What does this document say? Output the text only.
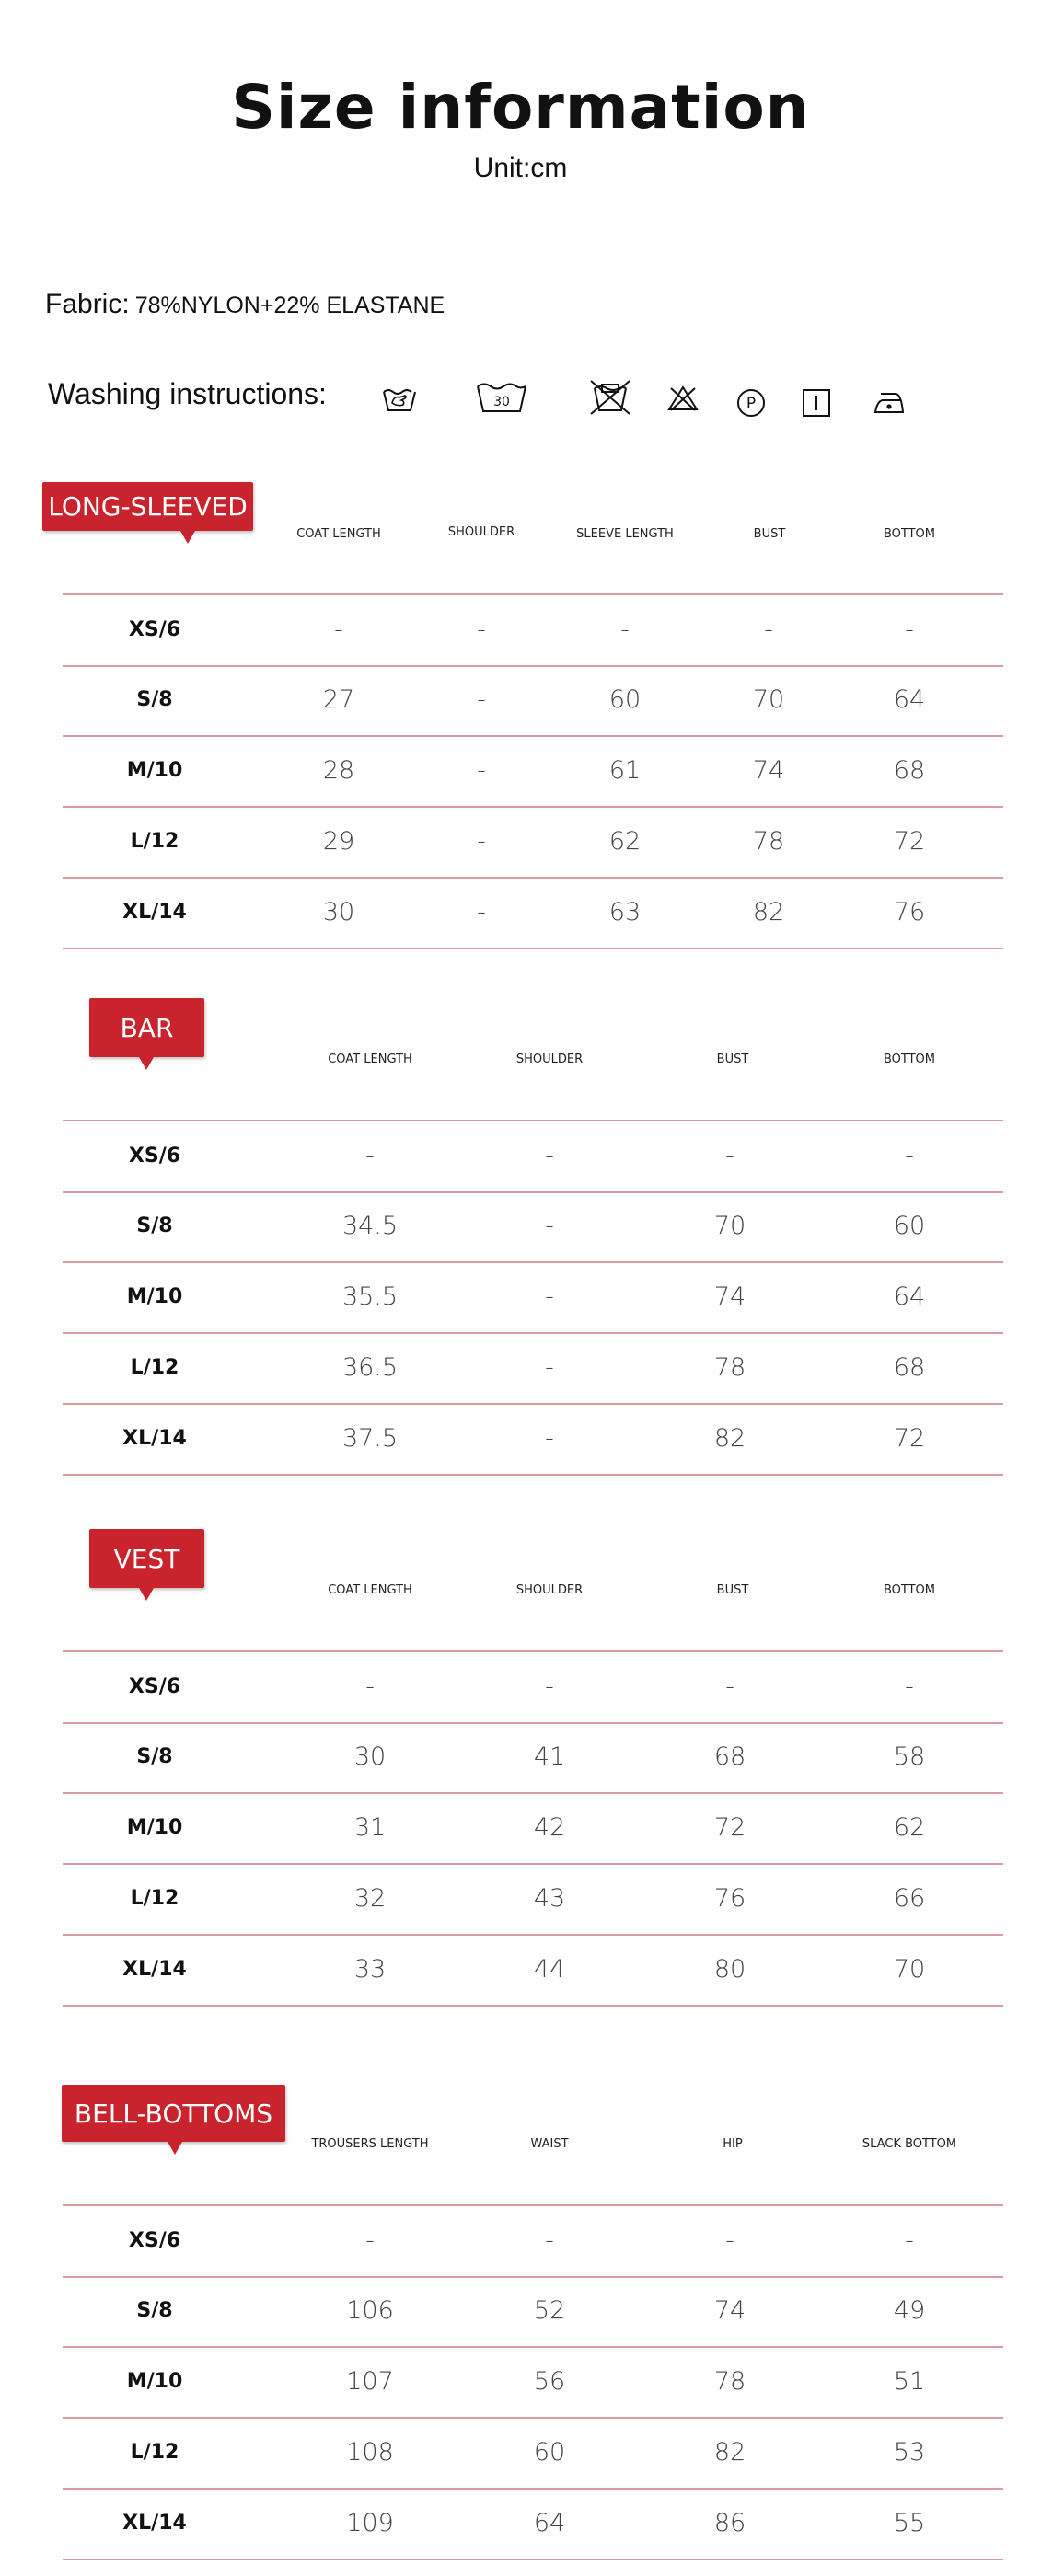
Size information
Unit:cm
Fabric: 78%NYLON+22% ELASTANE
Washing instructions:	30	P
LONG-SLEEVED
COAT LENGTH	SHOULDER	SLEEVE LENGTH	BUST	BOTTOM
XS/6	-	-	-	-	-
S/8	27	-	60	70	64
M/10	28	-	61	74	68
L/12	29	-	62	78	72
XL/14	30	-	63	82	76
BAR
COAT LENGTH	SHOULDER	BUST	BOTTOM
XS/6	-	-	-	-
S/8	34.5	-	70	60
M/10	35.5	-	74	64
L/12	36.5	-	78	68
XL/14	37.5	-	82	72
VEST
COAT LENGTH	SHOULDER	BUST	BOTTOM
XS/6	-	-	-	-
S/8	30	41	68	58
M/10	31	42	72	62
L/12	32	43	76	66
XL/14	33	44	80	70
BELL-BOTTOMS
TROUSERS LENGTH	WAIST	HIP	SLACK BOTTOM
XS/6	-	-	-	-
S/8	106	52	74	49
M/10	107	56	78	51
L/12	108	60	82	53
XL/14	109	64	86	55
